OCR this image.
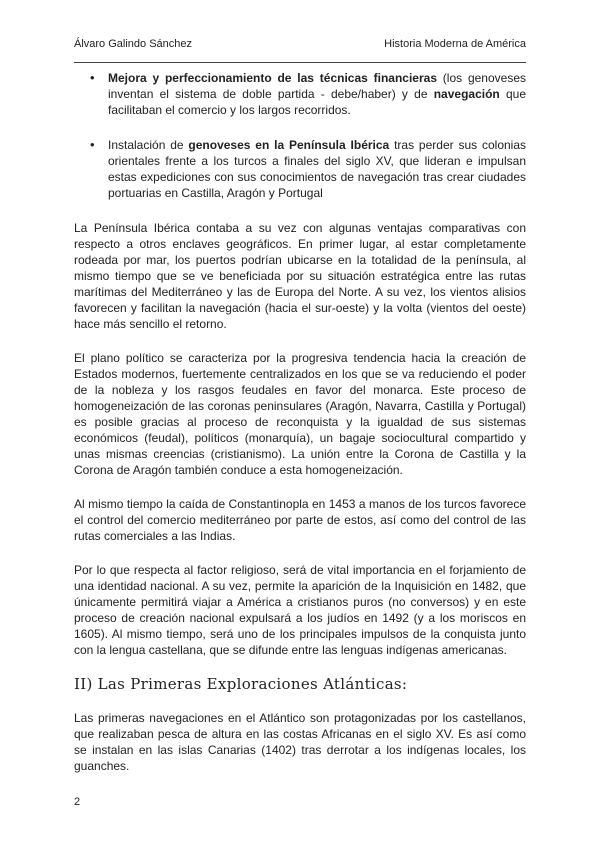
Álvaro Galindo Sánchez	Historia Moderna de América
• Mejora y perfeccionamiento de las técnicas financieras (los genoveses inventan el sistema de doble partida - debe/haber) y de navegación que facilitaban el comercio y los largos recorridos.
• Instalación de genoveses en la Península Ibérica tras perder sus colonias orientales frente a los turcos a finales del siglo XV, que lideran e impulsan estas expediciones con sus conocimientos de navegación tras crear ciudades portuarias en Castilla, Aragón y Portugal

La Península Ibérica contaba a su vez con algunas ventajas comparativas con respecto a otros enclaves geográficos. En primer lugar, al estar completamente rodeada por mar, los puertos podrían ubicarse en la totalidad de la península, al mismo tiempo que se ve beneficiada por su situación estratégica entre las rutas marítimas del Mediterráneo y las de Europa del Norte. A su vez, los vientos alisios favorecen y facilitan la navegación (hacia el sur-oeste) y la volta (vientos del oeste) hace más sencillo el retorno.

El plano político se caracteriza por la progresiva tendencia hacia la creación de Estados modernos, fuertemente centralizados en los que se va reduciendo el poder de la nobleza y los rasgos feudales en favor del monarca. Este proceso de homogeneización de las coronas peninsulares (Aragón, Navarra, Castilla y Portugal) es posible gracias al proceso de reconquista y la igualdad de sus sistemas económicos (feudal), políticos (monarquía), un bagaje sociocultural compartido y unas mismas creencias (cristianismo). La unión entre la Corona de Castilla y la Corona de Aragón también conduce a esta homogeneización.

Al mismo tiempo la caída de Constantinopla en 1453 a manos de los turcos favorece el control del comercio mediterráneo por parte de estos, así como del control de las rutas comerciales a las Indias.

Por lo que respecta al factor religioso, será de vital importancia en el forjamiento de una identidad nacional. A su vez, permite la aparición de la Inquisición en 1482, que únicamente permitirá viajar a América a cristianos puros (no conversos) y en este proceso de creación nacional expulsará a los judíos en 1492 (y a los moriscos en 1605). Al mismo tiempo, será uno de los principales impulsos de la conquista junto con la lengua castellana, que se difunde entre las lenguas indígenas americanas.

II) Las Primeras Exploraciones Atlánticas:

Las primeras navegaciones en el Atlántico son protagonizadas por los castellanos, que realizaban pesca de altura en las costas Africanas en el siglo XV. Es así como se instalan en las islas Canarias (1402) tras derrotar a los indígenas locales, los guanches.

2
